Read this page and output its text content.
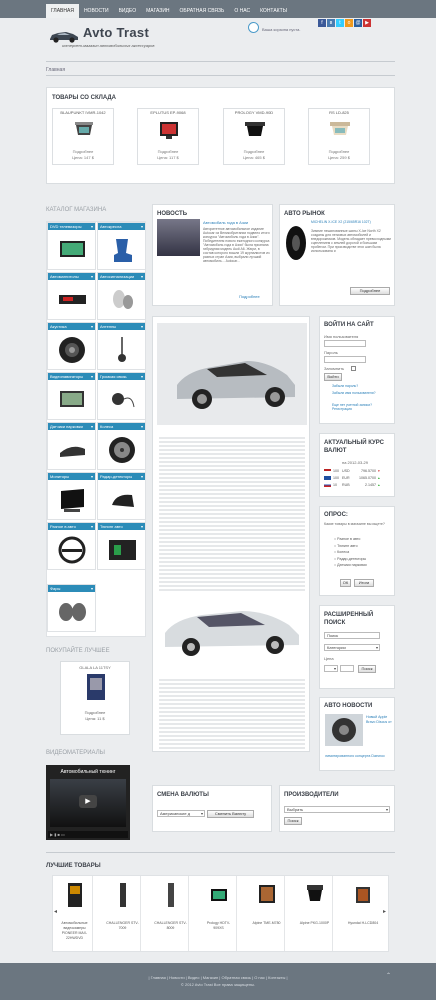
ГЛАВНАЯ	НОВОСТИ	ВИДЕО	МАГАЗИН	ОБРАТНАЯ СВЯЗЬ	О НАС	КОНТАКТЫ
Avto Trast
интернет-магазин автомобильных аксессуаров
f	в	t	o	@ ▶
Ваша корзина пуста.
Главная
ТОВАРЫ СО СКЛАДА
BLAUPUNKT IVMR-1042
Подробнее
Цена: 147 $
EPLUTUS EP-9068
Подробнее
Цена: 117 $
PROLOGY VMD-90D
Подробнее
Цена: 465 $
RS LD-825
Подробнее
Цена: 259 $
КАТАЛОГ МАГАЗИНА
DVD телевизоры ▾	Автокресла ▾
Автомагнитолы ▾	Автосигнализации ▾
Акустика ▾	Антенны ▾
Видеонавигаторы ▾	Громкая связь ▾
Датчики парковки ▾	Колеса ▾
Мониторы ▾	Радар-детекторы ▾
Разное в авто ▾	Тюнинг авто ▾
Фары ▾
НОВОСТЬ
Автомобиль года в Азии
Авторитетное автомобильное издание Autocar из Великобритании подвело итоги конкурса "Автомобиль года в Азии". Победителем нового ежегодного конкурса "Автомобиль года в Азии" была признана гибридная модель Audi A6. Жюри, в состав которого вошли 19 журналистов из разных стран Азии, выбрали лучший автомобиль... Autocar...
Подробнее
АВТО РЫНОК
MICHELIN X-ICE X2 (215/65R16 102T)
Зимние нешипованные шины X-Ice North X2 созданы для легковых автомобилей и внедорожников. Модель обладает превосходными сцеплением с землей дорогой и большим пробегом. При производстве этих шин была использована и
Подробнее
ВОЙТИ НА САЙТ
Имя пользователя
Пароль
Запомнить
Войти
Забыли пароль?
Забыли имя пользователя?
Еще нет учетной записи? Регистрация
АКТУАЛЬНЫЙ КУРС ВАЛЮТ
на 2012-03-29
100 USD	796.5700 ▾
100 EUR	1065.0700 ▴
10	RUB	2.1457 ▴
ОПРОС:
Какие товары в магазине вы ищете?
○ Разное в авто
○ Тюнинг авто
○ Колеса
○ Радар-детекторы
○ Датчики парковки
ОК	Итоги
РАСШИРЕННЫЙ ПОИСК
Поиск
Категории	▾
Цена
▾	Поиск
АВТО НОВОСТИ
Новый Apple Bravo Discus от
лимитированного концерта Daewoo
ПОКУПАЙТЕ ЛУЧШЕЕ
GLALA LA 11TSY
Подробнее
Цена: 11 $
ВИДЕОМАТЕРИАЛЫ
Автомобильный тюнинг
▶
▶ ▮ ■ ▭
СМЕНА ВАЛЮТЫ
Американские д	▾	Сменить Валюту
ПРОИЗВОДИТЕЛИ
Выбрать	▾
Поиск
ЛУЧШИЕ ТОВАРЫ
Автомобильные видеокамеры PIONEER MAX-22HWDVD
CHALLENGER STV-7009
CHALLENGER STV-8009
Prology HDTV-909XS
Alpine TME-M780	Alpine PKG-1000P	Hyundai H-LCD804
◂	▸
| Главная | Новости | Видео | Магазин | Обратная связь | О нас | Контакты |
© 2012 Avto Trast Все права защищены.
⌃
